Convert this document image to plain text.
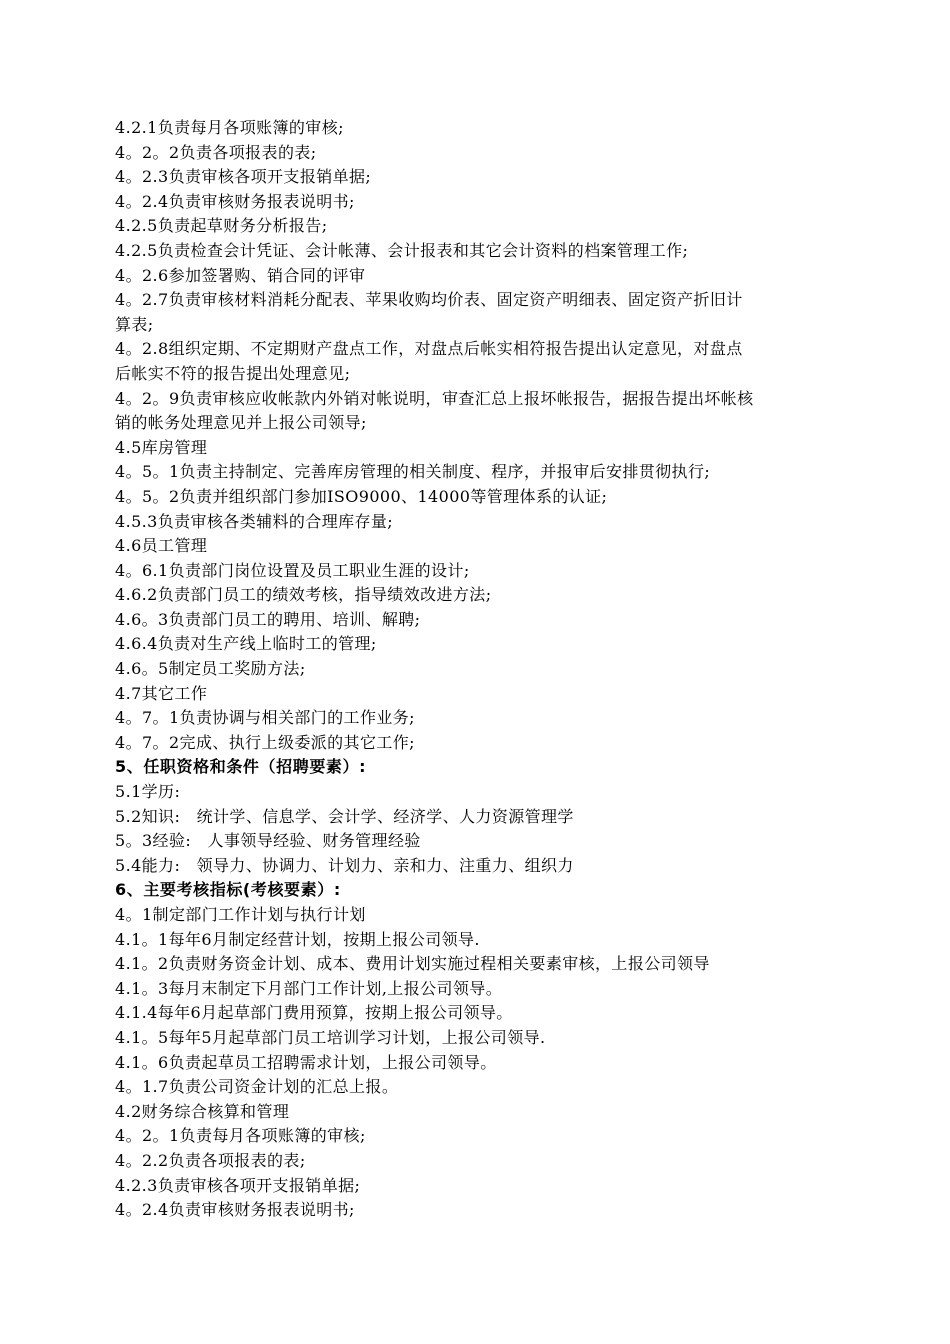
4.2.1负责每月各项账簿的审核;
4。2。2负责各项报表的表;
4。2.3负责审核各项开支报销单据;
4。2.4负责审核财务报表说明书;
4.2.5负责起草财务分析报告;
4.2.5负责检查会计凭证、会计帐薄、会计报表和其它会计资料的档案管理工作;
4。2.6参加签署购、销合同的评审
4。2.7负责审核材料消耗分配表、苹果收购均价表、固定资产明细表、固定资产折旧计
算表;
4。2.8组织定期、不定期财产盘点工作，对盘点后帐实相符报告提出认定意见，对盘点
后帐实不符的报告提出处理意见;
4。2。9负责审核应收帐款内外销对帐说明，审查汇总上报坏帐报告，据报告提出坏帐核
销的帐务处理意见并上报公司领导;
4.5库房管理
4。5。1负责主持制定、完善库房管理的相关制度、程序，并报审后安排贯彻执行;
4。5。2负责并组织部门参加ISO9000、14000等管理体系的认证;
4.5.3负责审核各类辅料的合理库存量;
4.6员工管理
4。6.1负责部门岗位设置及员工职业生涯的设计;
4.6.2负责部门员工的绩效考核，指导绩效改进方法;
4.6。3负责部门员工的聘用、培训、解聘;
4.6.4负责对生产线上临时工的管理;
4.6。5制定员工奖励方法;
4.7其它工作
4。7。1负责协调与相关部门的工作业务;
4。7。2完成、执行上级委派的其它工作;
5、任职资格和条件（招聘要素）:
5.1学历:
5.2知识:　统计学、信息学、会计学、经济学、人力资源管理学
5。3经验:　人事领导经验、财务管理经验
5.4能力:　领导力、协调力、计划力、亲和力、注重力、组织力
6、主要考核指标(考核要素）:
4。1制定部门工作计划与执行计划
4.1。1每年6月制定经营计划，按期上报公司领导.
4.1。2负责财务资金计划、成本、费用计划实施过程相关要素审核，上报公司领导
4.1。3每月末制定下月部门工作计划,上报公司领导。
4.1.4每年6月起草部门费用预算，按期上报公司领导。
4.1。5每年5月起草部门员工培训学习计划，上报公司领导.
4.1。6负责起草员工招聘需求计划，上报公司领导。
4。1.7负责公司资金计划的汇总上报。
4.2财务综合核算和管理
4。2。1负责每月各项账簿的审核;
4。2.2负责各项报表的表;
4.2.3负责审核各项开支报销单据;
4。2.4负责审核财务报表说明书;
